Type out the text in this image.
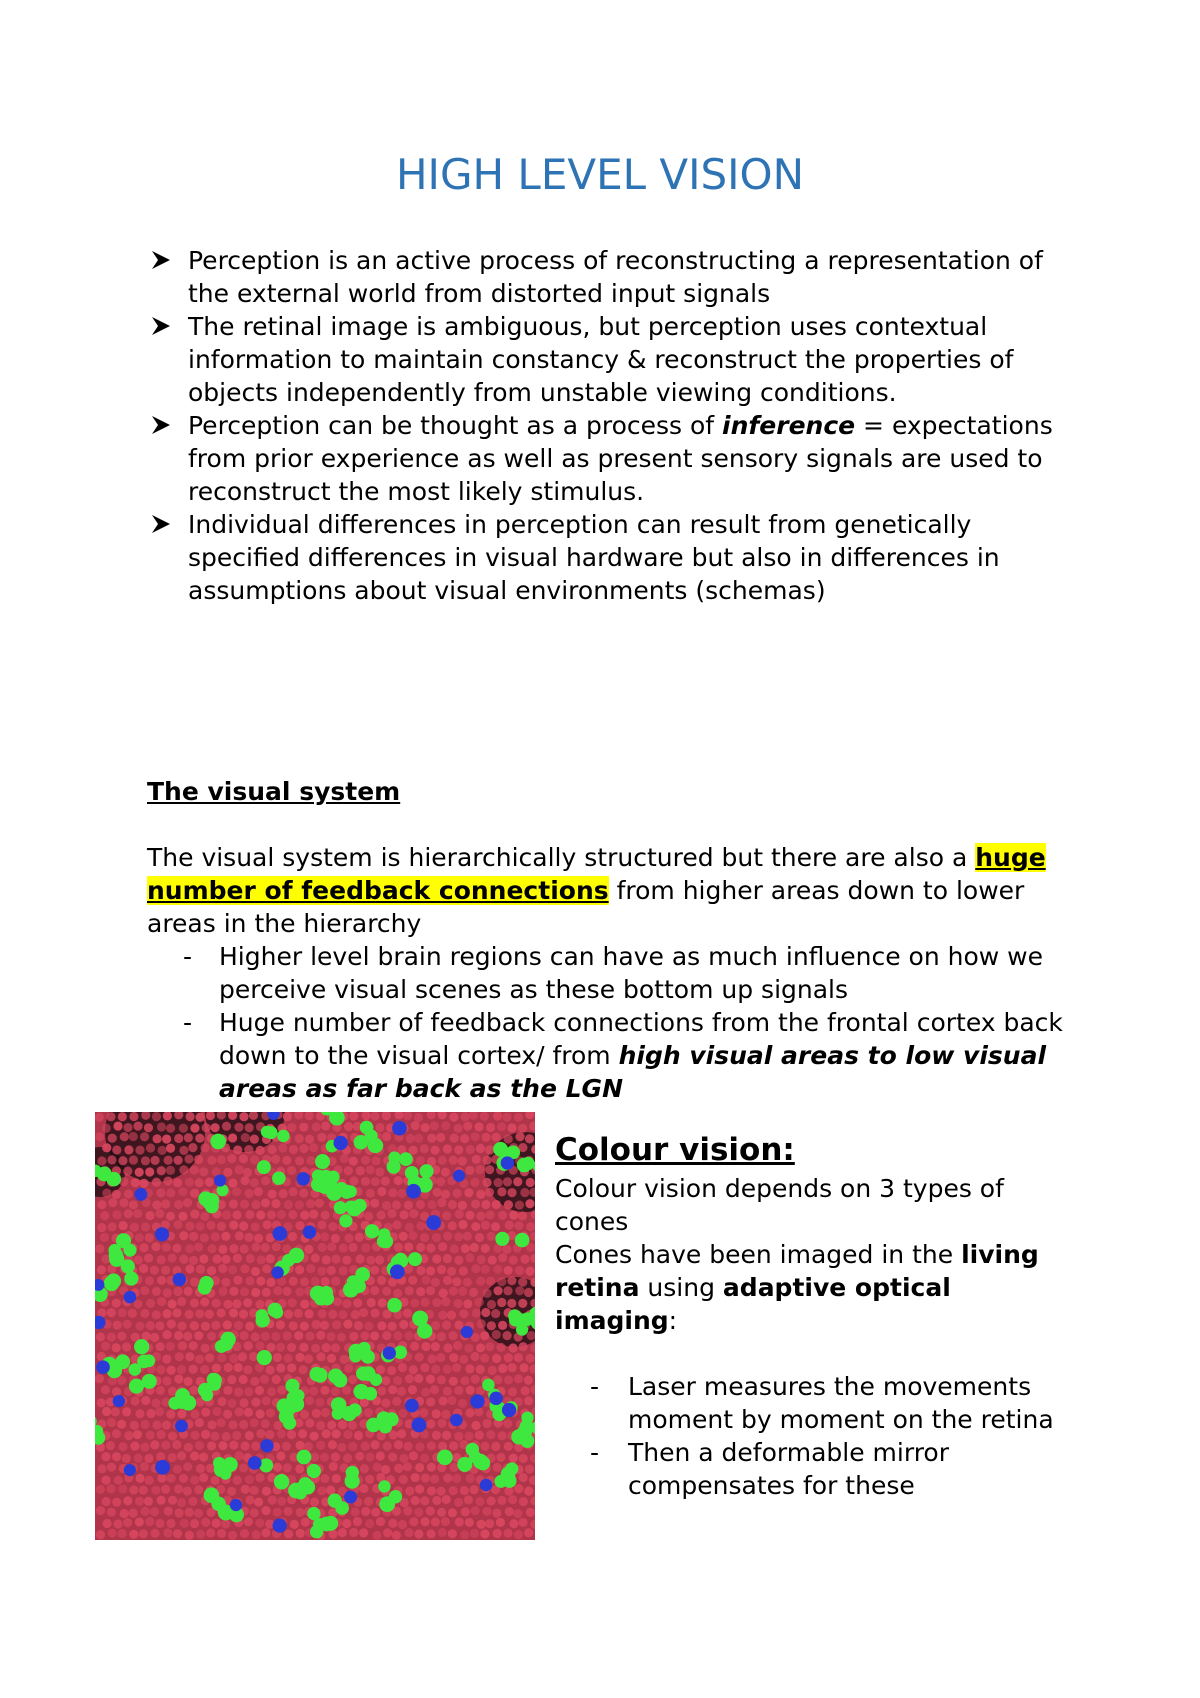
HIGH LEVEL VISION
Perception is an active process of reconstructing a representation of the external world from distorted input signals
The retinal image is ambiguous, but perception uses contextual information to maintain constancy & reconstruct the properties of objects independently from unstable viewing conditions.
Perception can be thought as a process of inference = expectations from prior experience as well as present sensory signals are used to reconstruct the most likely stimulus.
Individual differences in perception can result from genetically specified differences in visual hardware but also in differences in assumptions about visual environments (schemas)
The visual system

The visual system is hierarchically structured but there are also a huge number of feedback connections from higher areas down to lower areas in the hierarchy

- Higher level brain regions can have as much influence on how we perceive visual scenes as these bottom up signals
- Huge number of feedback connections from the frontal cortex back down to the visual cortex/ from high visual areas to low visual areas as far back as the LGN
Colour vision:

Colour vision depends on 3 types of cones

Cones have been imaged in the living retina using adaptive optical imaging:

- Laser measures the movements moment by moment on the retina
- Then a deformable mirror compensates for these
